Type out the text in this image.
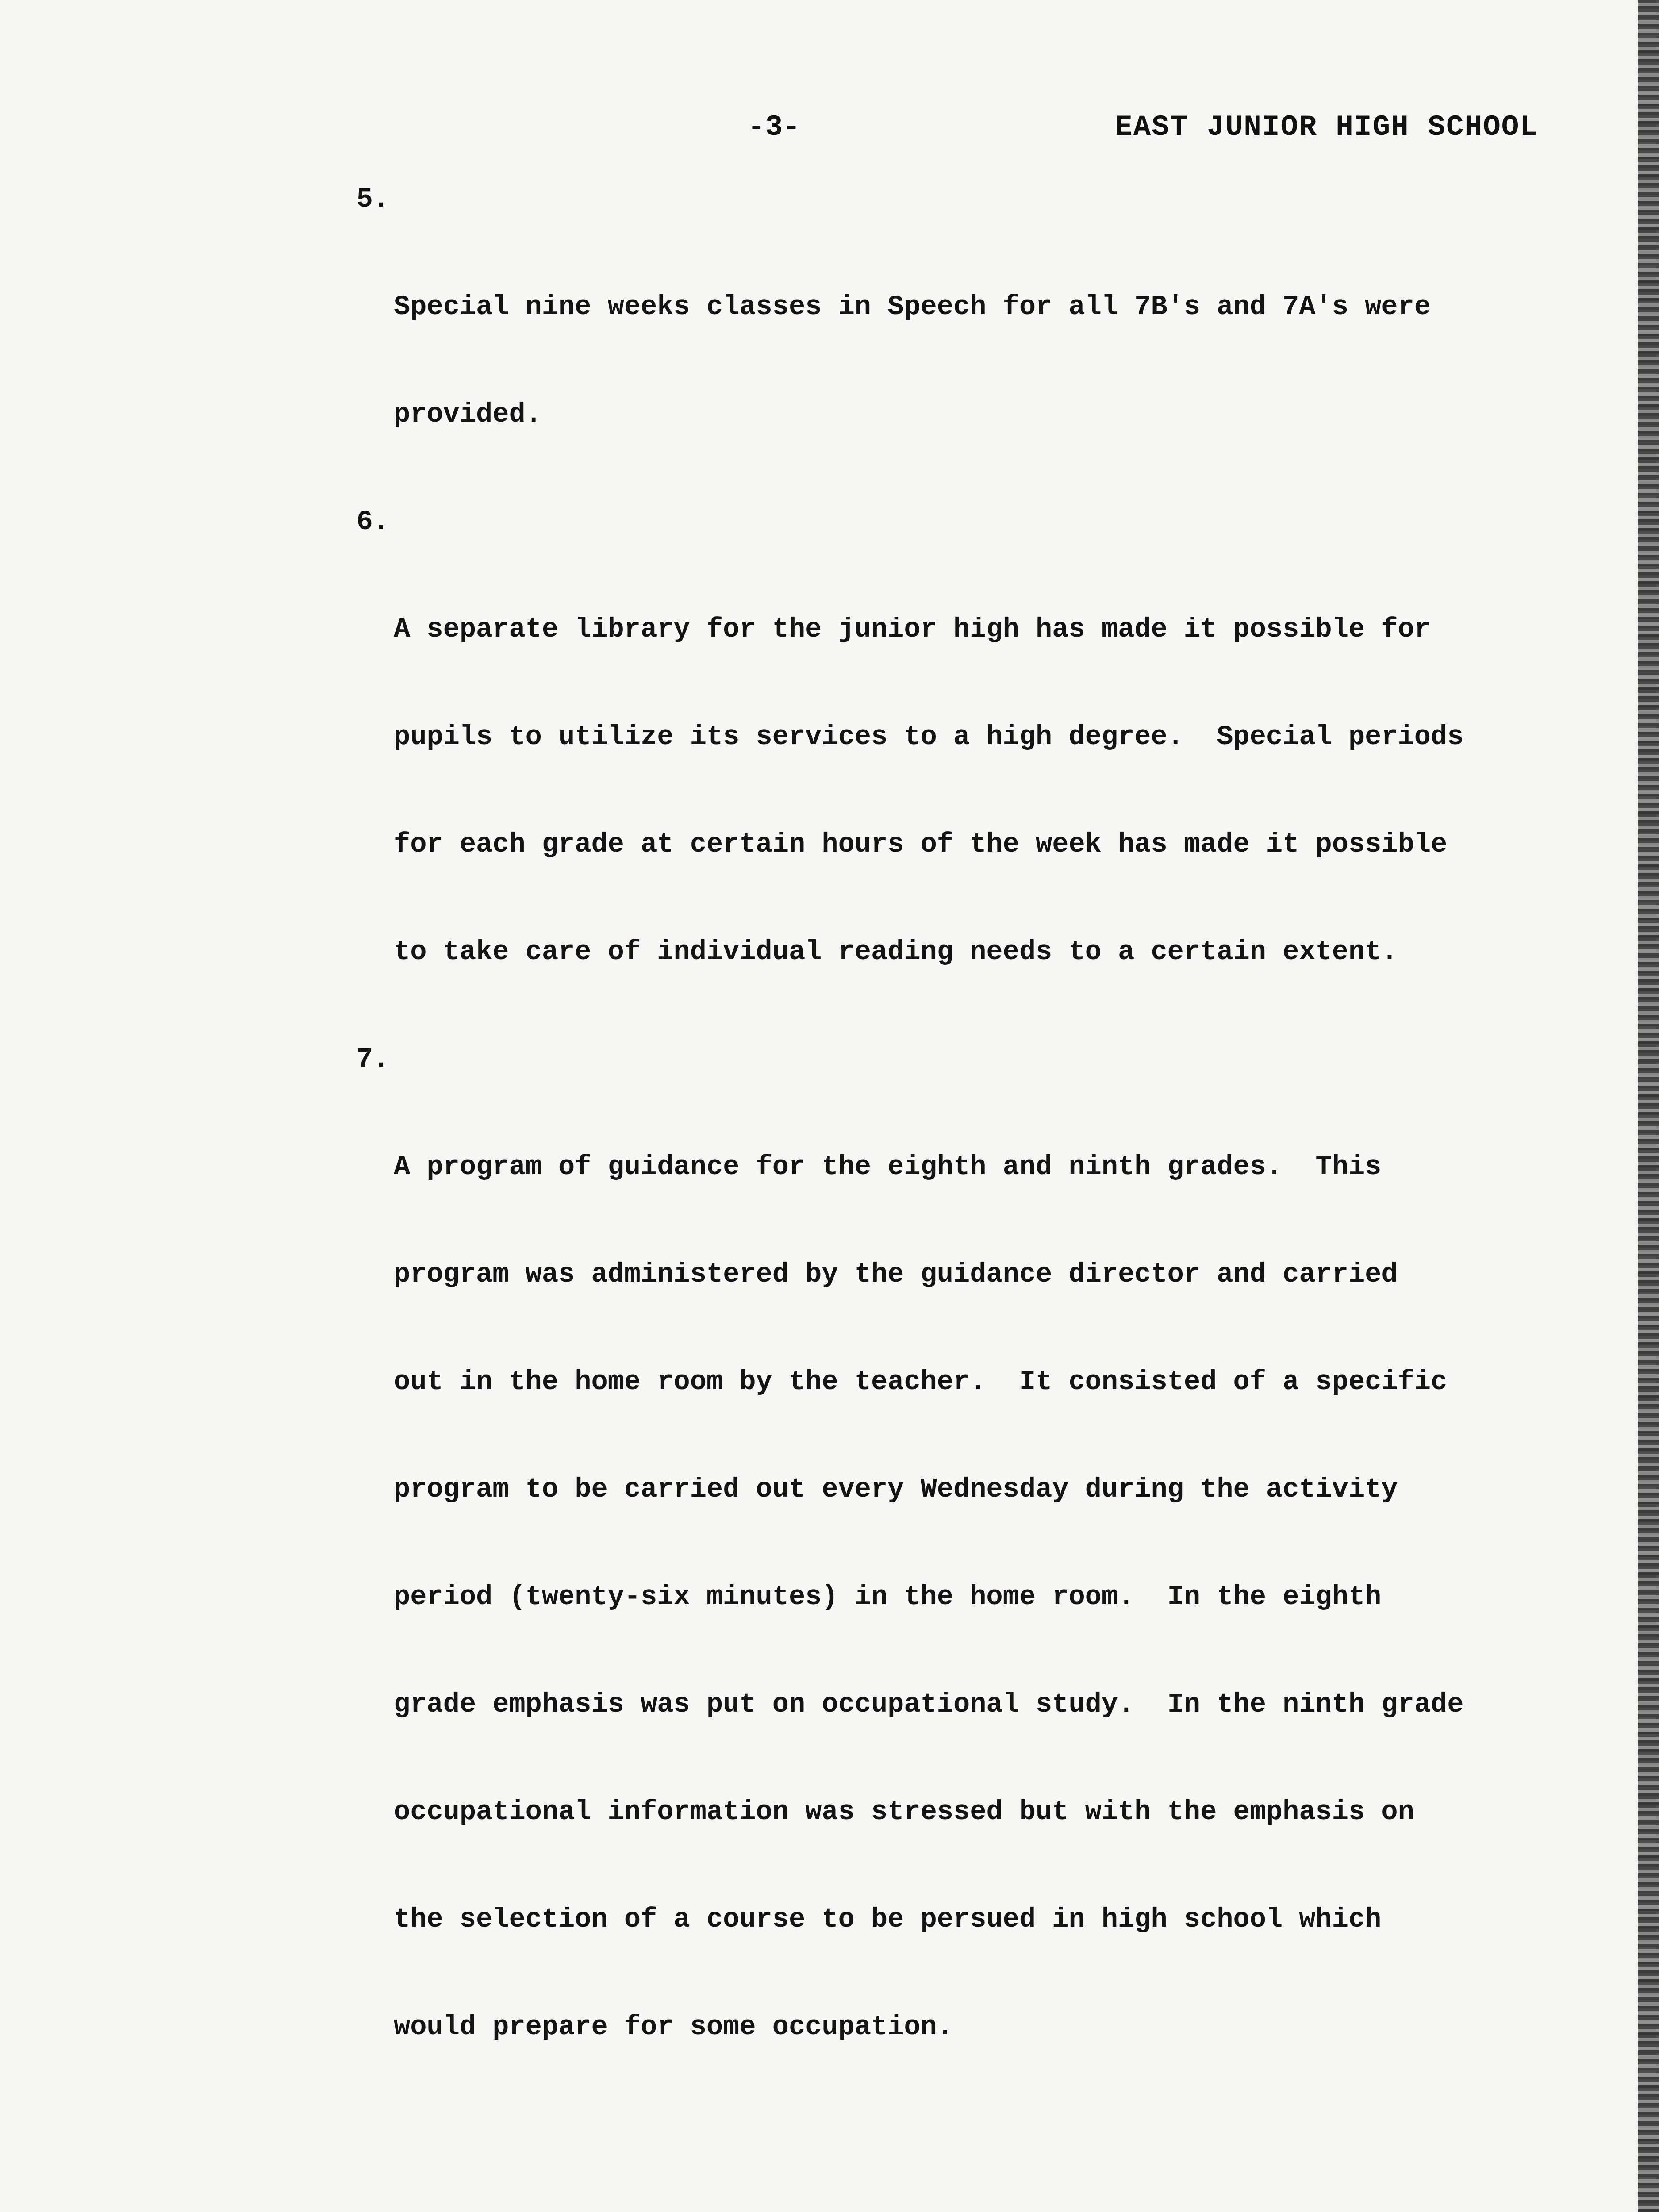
-3-	EAST JUNIOR HIGH SCHOOL

5.

Special nine weeks classes in Speech for all 7B's and 7A's were

provided.

6.

A separate library for the junior high has made it possible for

pupils to utilize its services to a high degree.  Special periods

for each grade at certain hours of the week has made it possible

to take care of individual reading needs to a certain extent.

7.

A program of guidance for the eighth and ninth grades.  This

program was administered by the guidance director and carried

out in the home room by the teacher.  It consisted of a specific

program to be carried out every Wednesday during the activity

period (twenty-six minutes) in the home room.  In the eighth

grade emphasis was put on occupational study.  In the ninth grade

occupational information was stressed but with the emphasis on

the selection of a course to be persued in high school which

would prepare for some occupation.
